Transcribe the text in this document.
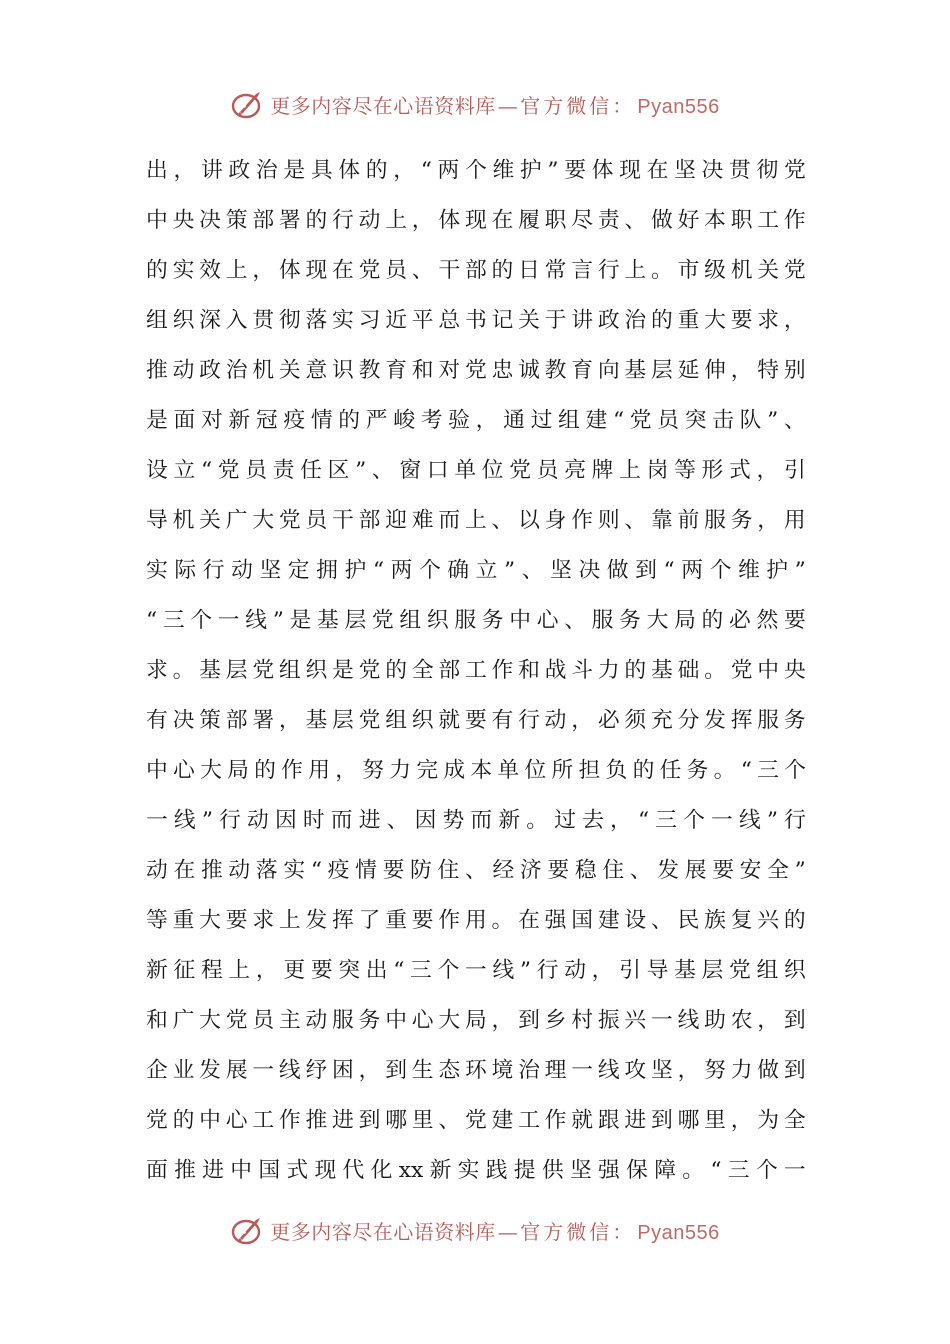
更多内容尽在心语资料库 — 官方微信： Pyan556
出 ， 讲 政 治 是 具 体 的 ， “ 两 个 维 护 ” 要 体 现 在 坚 决 贯 彻 党
中 央 决 策 部 署 的 行 动 上 ， 体 现 在 履 职 尽 责 、 做 好 本 职 工 作
的 实 效 上 ， 体 现 在 党 员 、 干 部 的 日 常 言 行 上 。 市 级 机 关 党
组 织 深 入 贯 彻 落 实 习 近 平 总 书 记 关 于 讲 政 治 的 重 大 要 求 ，
推 动 政 治 机 关 意 识 教 育 和 对 党 忠 诚 教 育 向 基 层 延 伸 ， 特 别
是 面 对 新 冠 疫 情 的 严 峻 考 验 ， 通 过 组 建 “ 党 员 突 击 队 ” 、
设 立 “ 党 员 责 任 区 ” 、 窗 口 单 位 党 员 亮 牌 上 岗 等 形 式 ， 引
导 机 关 广 大 党 员 干 部 迎 难 而 上 、 以 身 作 则 、 靠 前 服 务 ， 用
实 际 行 动 坚 定 拥 护 “ 两 个 确 立 ” 、 坚 决 做 到 “ 两 个 维 护 ”
“ 三 个 一 线 ” 是 基 层 党 组 织 服 务 中 心 、 服 务 大 局 的 必 然 要
求 。 基 层 党 组 织 是 党 的 全 部 工 作 和 战 斗 力 的 基 础 。 党 中 央
有 决 策 部 署 ， 基 层 党 组 织 就 要 有 行 动 ， 必 须 充 分 发 挥 服 务
中 心 大 局 的 作 用 ， 努 力 完 成 本 单 位 所 担 负 的 任 务 。 “ 三 个
一 线 ” 行 动 因 时 而 进 、 因 势 而 新 。 过 去 ， “ 三 个 一 线 ” 行
动 在 推 动 落 实 “ 疫 情 要 防 住 、 经 济 要 稳 住 、 发 展 要 安 全 ”
等 重 大 要 求 上 发 挥 了 重 要 作 用 。 在 强 国 建 设 、 民 族 复 兴 的
新 征 程 上 ， 更 要 突 出 “ 三 个 一 线 ” 行 动 ， 引 导 基 层 党 组 织
和 广 大 党 员 主 动 服 务 中 心 大 局 ， 到 乡 村 振 兴 一 线 助 农 ， 到
企 业 发 展 一 线 纾 困 ， 到 生 态 环 境 治 理 一 线 攻 坚 ， 努 力 做 到
党 的 中 心 工 作 推 进 到 哪 里 、 党 建 工 作 就 跟 进 到 哪 里 ， 为 全
面 推 进 中 国 式 现 代 化 xx 新 实 践 提 供 坚 强 保 障 。 “ 三 个 一
更多内容尽在心语资料库 — 官方微信： Pyan556
